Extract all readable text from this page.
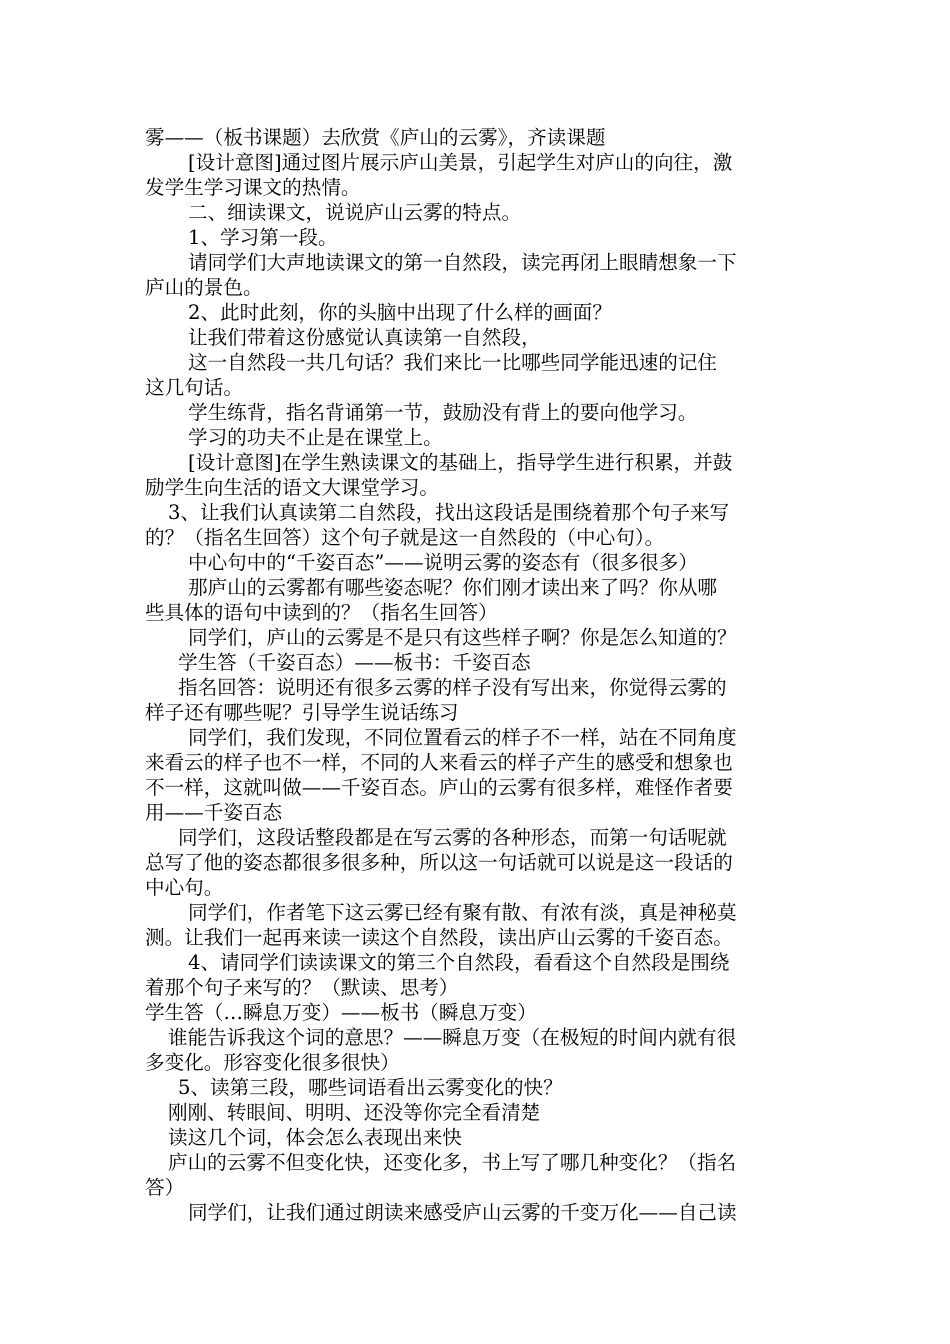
雾——（板书课题）去欣赏《庐山的云雾》，齐读课题
[设计意图]通过图片展示庐山美景，引起学生对庐山的向往，激
发学生学习课文的热情。
二、细读课文，说说庐山云雾的特点。
1、学习第一段。
请同学们大声地读课文的第一自然段，读完再闭上眼睛想象一下
庐山的景色。
2、此时此刻，你的头脑中出现了什么样的画面？
让我们带着这份感觉认真读第一自然段，
这一自然段一共几句话？我们来比一比哪些同学能迅速的记住
这几句话。
学生练背，指名背诵第一节，鼓励没有背上的要向他学习。
学习的功夫不止是在课堂上。
[设计意图]在学生熟读课文的基础上，指导学生进行积累，并鼓
励学生向生活的语文大课堂学习。
3、让我们认真读第二自然段，找出这段话是围绕着那个句子来写
的？（指名生回答）这个句子就是这一自然段的（中心句）。
中心句中的“千姿百态”——说明云雾的姿态有（很多很多）
那庐山的云雾都有哪些姿态呢？你们刚才读出来了吗？你从哪
些具体的语句中读到的？（指名生回答）
同学们，庐山的云雾是不是只有这些样子啊？你是怎么知道的？
学生答（千姿百态）——板书：千姿百态
指名回答：说明还有很多云雾的样子没有写出来，你觉得云雾的
样子还有哪些呢？引导学生说话练习
同学们，我们发现，不同位置看云的样子不一样，站在不同角度
来看云的样子也不一样，不同的人来看云的样子产生的感受和想象也
不一样，这就叫做——千姿百态。庐山的云雾有很多样，难怪作者要
用——千姿百态
同学们，这段话整段都是在写云雾的各种形态，而第一句话呢就
总写了他的姿态都很多很多种，所以这一句话就可以说是这一段话的
中心句。
同学们，作者笔下这云雾已经有聚有散、有浓有淡，真是神秘莫
测。让我们一起再来读一读这个自然段，读出庐山云雾的千姿百态。
4、请同学们读读课文的第三个自然段，看看这个自然段是围绕
着那个句子来写的？（默读、思考）
学生答（…瞬息万变）——板书（瞬息万变）
谁能告诉我这个词的意思？——瞬息万变（在极短的时间内就有很
多变化。形容变化很多很快）
5、读第三段，哪些词语看出云雾变化的快？
刚刚、转眼间、明明、还没等你完全看清楚
读这几个词，体会怎么表现出来快
庐山的云雾不但变化快，还变化多，书上写了哪几种变化？（指名
答）
同学们，让我们通过朗读来感受庐山云雾的千变万化——自己读
